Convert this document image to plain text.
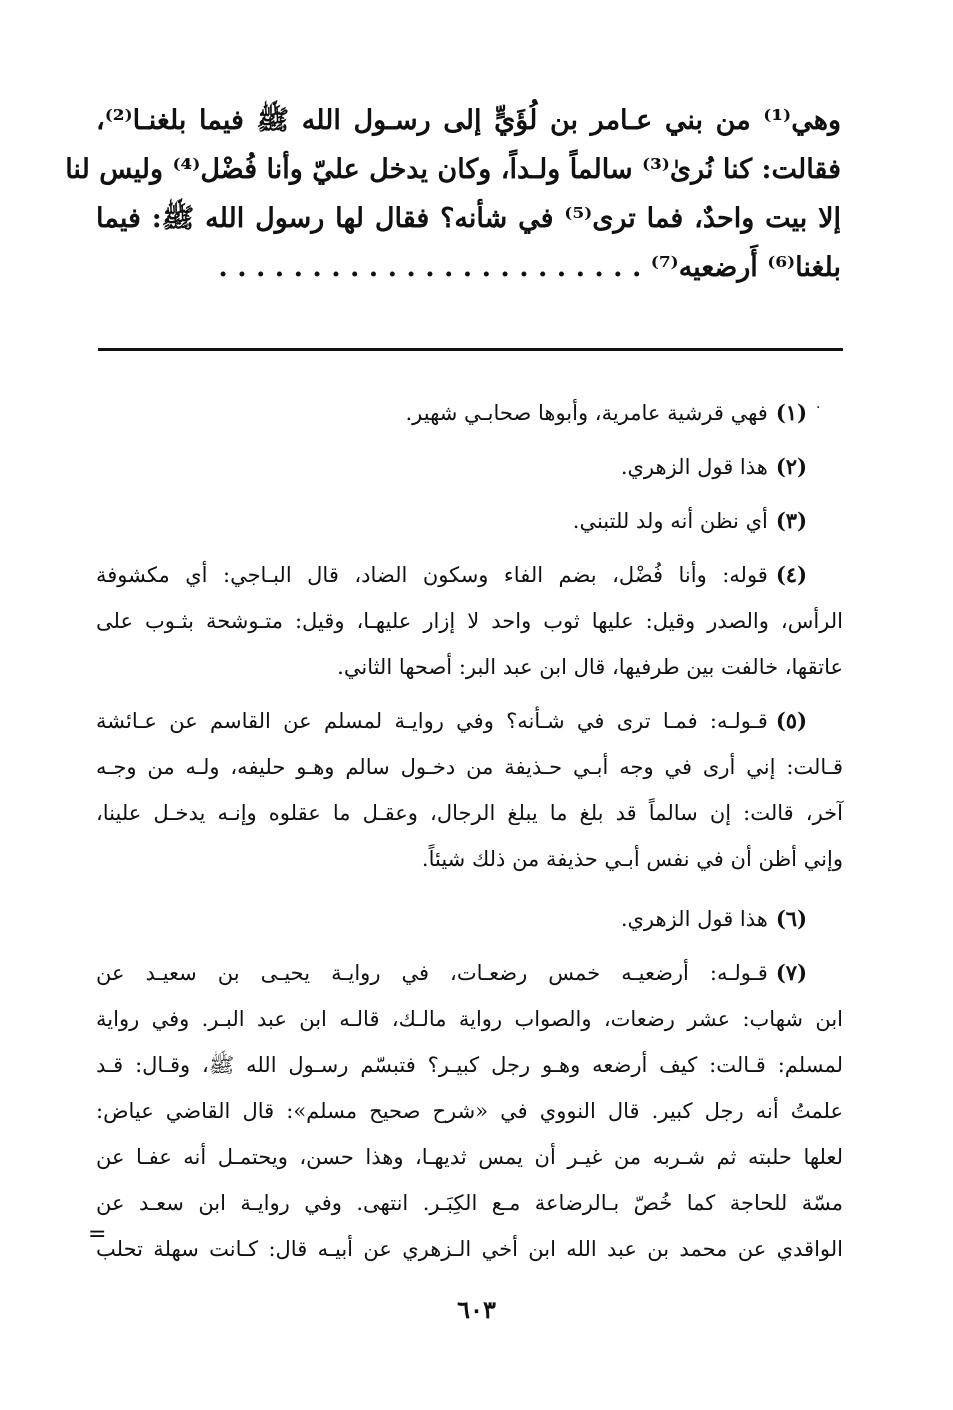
وهي⁽¹⁾ من بني عـامر بن لُؤَيٍّ إلى رسـول الله ﷺ فيما بلغنـا⁽²⁾،
فقالت: كنا نُرىٰ⁽³⁾ سالماً ولـداً، وكان يدخل عليّ وأنا فُضْل⁽⁴⁾ وليس لنا
إلا بيت واحدٌ، فما ترى⁽⁵⁾ في شأنه؟ فقال لها رسول الله ﷺ: فيما
بلغنا⁽⁶⁾ أَرضعيه⁽⁷⁾ . . . . . . . . . . . . . . . . . . . . . . .
(١)فهي قرشية عامرية، وأبوها صحابـي شهير.
(٢)هذا قول الزهري.
(٣)أي نظن أنه ولد للتبني.
(٤)قوله: وأنا فُضْل، بضم الفاء وسكون الضاد، قال البـاجي: أي مكشوفة
الرأس، والصدر وقيل: عليها ثوب واحد لا إزار عليهـا، وقيل: متـوشحة بثـوب على
عاتقها، خالفت بين طرفيها، قال ابن عبد البر: أصحها الثاني.
(٥)قـولـه: فمـا ترى في شـأنه؟ وفي روايـة لمسلم عن القاسم عن عـائشة
قـالت: إني أرى في وجه أبـي حـذيفة من دخـول سالم وهـو حليفه، ولـه من وجـه
آخر، قالت: إن سالماً قد بلغ ما يبلغ الرجال، وعقـل ما عقلوه وإنـه يدخـل علينا،
وإني أظن أن في نفس أبـي حذيفة من ذلك شيئاً.
(٦)هذا قول الزهري.
(٧)قـولـه: أرضعيـه خمس رضعـات، في روايـة يحيـى بن سعيـد عن
ابن شهاب: عشر رضعات، والصواب رواية مالـك، قالـه ابن عبد البـر. وفي رواية
لمسلم: قـالت: كيف أرضعه وهـو رجل كبيـر؟ فتبسّم رسـول الله ﷺ، وقـال: قـد
علمتُ أنه رجل كبير. قال النووي في «شرح صحيح مسلم»: قال القاضي عياض:
لعلها حلبته ثم شـربه من غيـر أن يمس ثديهـا، وهذا حسن، ويحتمـل أنه عفـا عن
مسّة للحاجة كما خُصّ بـالرضاعة مـع الكِبَـر. انتهى. وفي روايـة ابن سعـد عن
الواقدي عن محمد بن عبد الله ابن أخي الـزهري عن أبيـه قال: كـانت سهلة تحلب
·
=
٦٠٣
